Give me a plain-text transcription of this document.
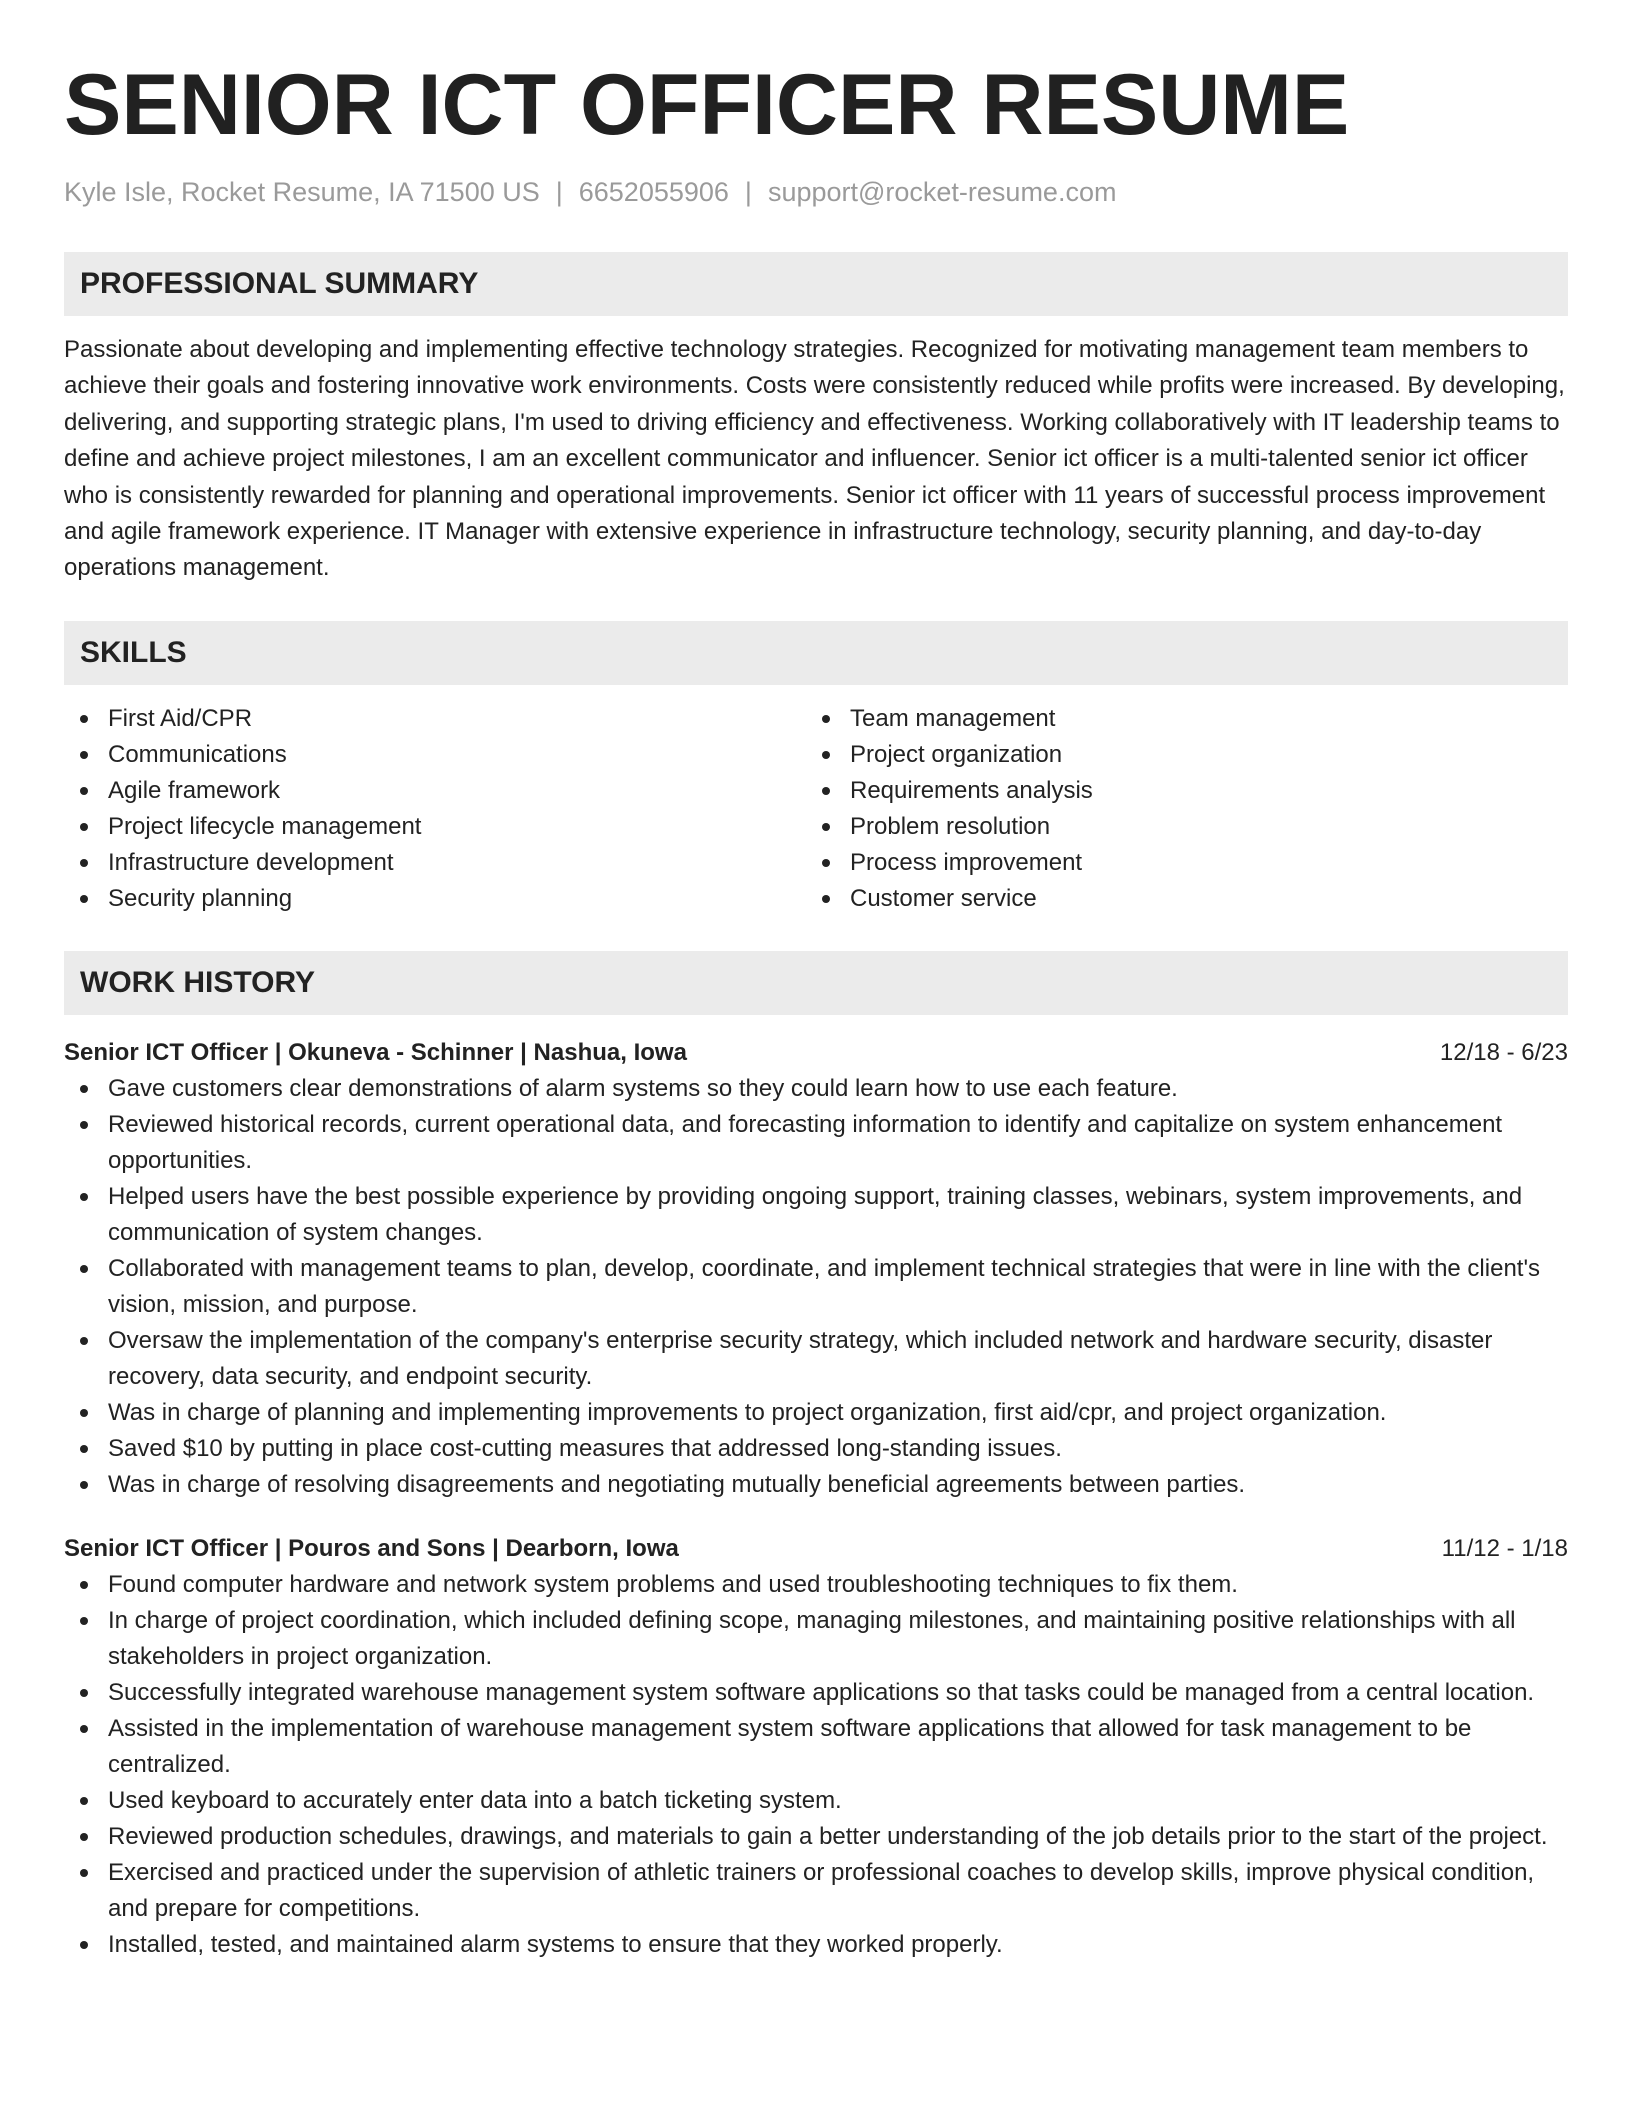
SENIOR ICT OFFICER RESUME
Kyle Isle, Rocket Resume, IA 71500 US | 6652055906 | support@rocket-resume.com
PROFESSIONAL SUMMARY
Passionate about developing and implementing effective technology strategies. Recognized for motivating management team members to achieve their goals and fostering innovative work environments. Costs were consistently reduced while profits were increased. By developing, delivering, and supporting strategic plans, I'm used to driving efficiency and effectiveness. Working collaboratively with IT leadership teams to define and achieve project milestones, I am an excellent communicator and influencer. Senior ict officer is a multi-talented senior ict officer who is consistently rewarded for planning and operational improvements. Senior ict officer with 11 years of successful process improvement and agile framework experience. IT Manager with extensive experience in infrastructure technology, security planning, and day-to-day operations management.
SKILLS
First Aid/CPR
Communications
Agile framework
Project lifecycle management
Infrastructure development
Security planning
Team management
Project organization
Requirements analysis
Problem resolution
Process improvement
Customer service
WORK HISTORY
Senior ICT Officer | Okuneva - Schinner | Nashua, Iowa	12/18 - 6/23
Gave customers clear demonstrations of alarm systems so they could learn how to use each feature.
Reviewed historical records, current operational data, and forecasting information to identify and capitalize on system enhancement opportunities.
Helped users have the best possible experience by providing ongoing support, training classes, webinars, system improvements, and communication of system changes.
Collaborated with management teams to plan, develop, coordinate, and implement technical strategies that were in line with the client's vision, mission, and purpose.
Oversaw the implementation of the company's enterprise security strategy, which included network and hardware security, disaster recovery, data security, and endpoint security.
Was in charge of planning and implementing improvements to project organization, first aid/cpr, and project organization.
Saved $10 by putting in place cost-cutting measures that addressed long-standing issues.
Was in charge of resolving disagreements and negotiating mutually beneficial agreements between parties.
Senior ICT Officer | Pouros and Sons | Dearborn, Iowa	11/12 - 1/18
Found computer hardware and network system problems and used troubleshooting techniques to fix them.
In charge of project coordination, which included defining scope, managing milestones, and maintaining positive relationships with all stakeholders in project organization.
Successfully integrated warehouse management system software applications so that tasks could be managed from a central location.
Assisted in the implementation of warehouse management system software applications that allowed for task management to be centralized.
Used keyboard to accurately enter data into a batch ticketing system.
Reviewed production schedules, drawings, and materials to gain a better understanding of the job details prior to the start of the project.
Exercised and practiced under the supervision of athletic trainers or professional coaches to develop skills, improve physical condition, and prepare for competitions.
Installed, tested, and maintained alarm systems to ensure that they worked properly.
